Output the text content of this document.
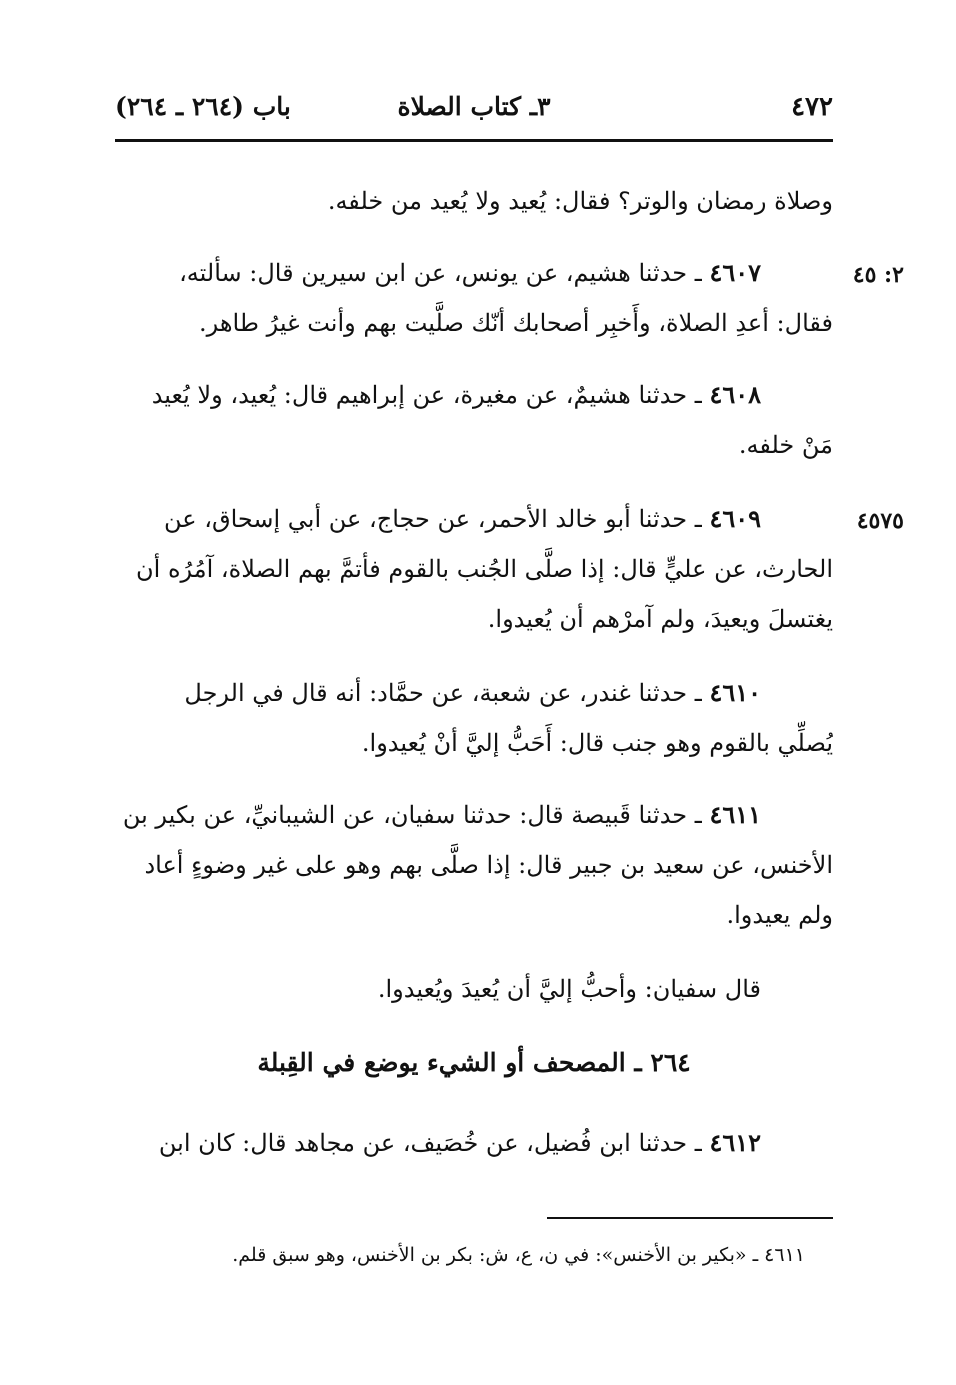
٤٧٢
٣ـ كتاب الصلاة
باب (٢٦٤ ـ ٢٦٤)
وصلاة رمضان والوتر؟ فقال: يُعيد ولا يُعيد من خلفه.
٢: ٤٥
٤٦٠٧ ـ حدثنا هشيم، عن يونس، عن ابن سيرين قال: سألته،
فقال: أعدِ الصلاة، وأَخبِر أصحابك أنّك صلَّيت بهم وأنت غيرُ طاهر.
٤٦٠٨ ـ حدثنا هشيمٌ، عن مغيرة، عن إبراهيم قال: يُعيد، ولا يُعيد
مَنْ خلفه.
٤٥٧٥
٤٦٠٩ ـ حدثنا أبو خالد الأحمر، عن حجاج، عن أبي إسحاق، عن
الحارث، عن عليٍّ قال: إذا صلَّى الجُنب بالقوم فأتمَّ بهم الصلاة، آمُرُه أن
يغتسلَ ويعيدَ، ولم آمرْهم أن يُعيدوا.
٤٦١٠ ـ حدثنا غندر، عن شعبة، عن حمَّاد: أنه قال في الرجل
يُصلِّي بالقوم وهو جنب قال: أَحَبُّ إليَّ أنْ يُعيدوا.
٤٦١١ ـ حدثنا قَبيصة قال: حدثنا سفيان، عن الشيبانيِّ، عن بكير بن
الأخنس، عن سعيد بن جبير قال: إذا صلَّى بهم وهو على غير وضوءٍ أعاد
ولم يعيدوا.
قال سفيان: وأحبُّ إليَّ أن يُعيدَ ويُعيدوا.
٢٦٤ ـ المصحف أو الشيء يوضع في القِبلة
٤٦١٢ ـ حدثنا ابن فُضيل، عن خُصَيف، عن مجاهد قال: كان ابن
٤٦١١ ـ «بكير بن الأخنس»: في ن، ع، ش: بكر بن الأخنس، وهو سبق قلم.
